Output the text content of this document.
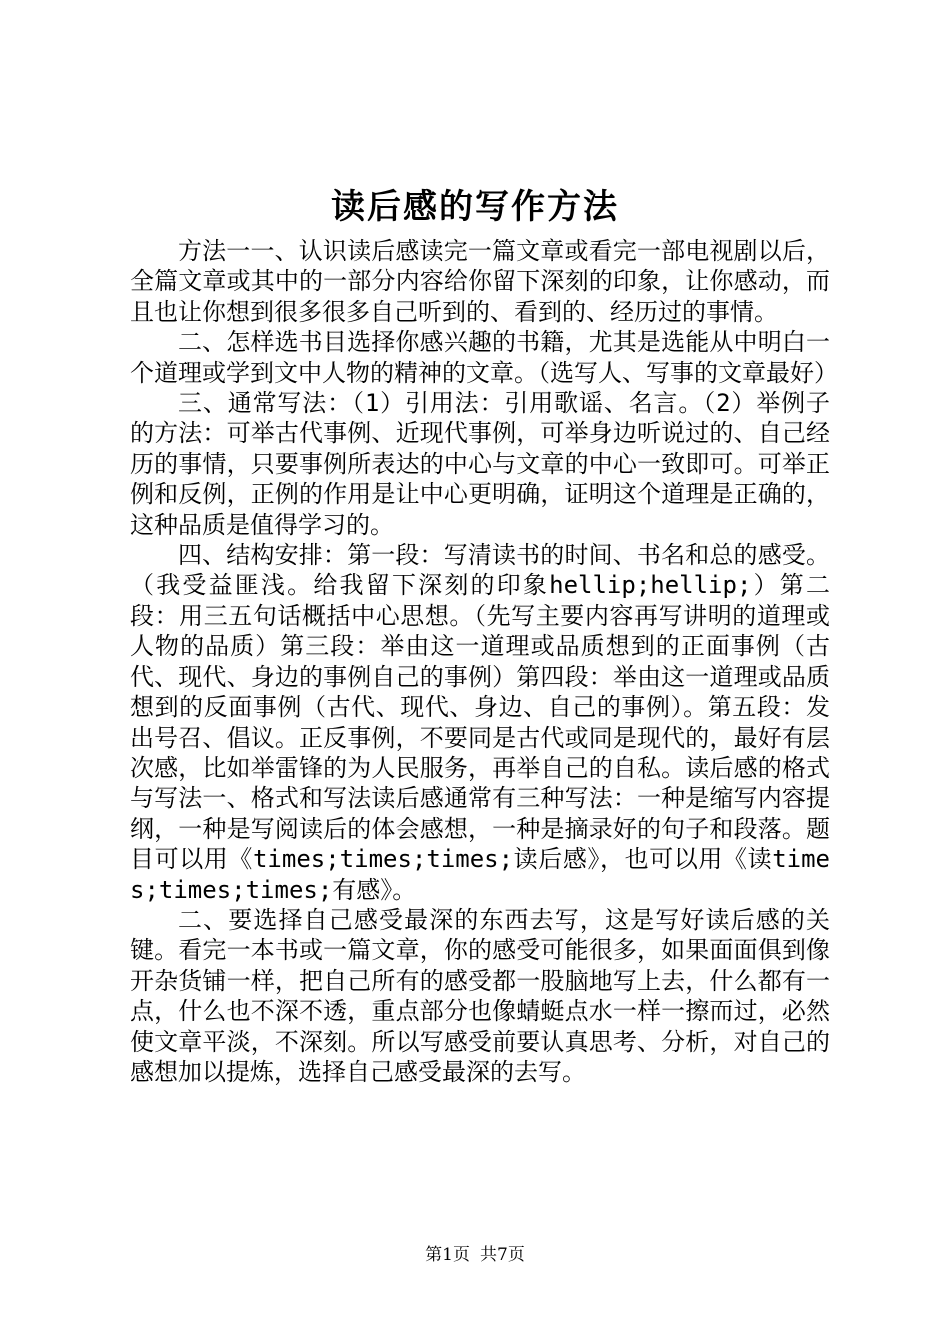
读后感的写作方法

方法一一、认识读后感读完一篇文章或看完一部电视剧以后，全篇文章或其中的一部分内容给你留下深刻的印象，让你感动，而且也让你想到很多很多自己听到的、看到的、经历过的事情。

二、怎样选书目选择你感兴趣的书籍，尤其是选能从中明白一个道理或学到文中人物的精神的文章。（选写人、写事的文章最好）

三、通常写法：（1）引用法：引用歌谣、名言。（2）举例子的方法：可举古代事例、近现代事例，可举身边听说过的、自己经历的事情，只要事例所表达的中心与文章的中心一致即可。可举正例和反例，正例的作用是让中心更明确，证明这个道理是正确的，这种品质是值得学习的。

四、结构安排：第一段：写清读书的时间、书名和总的感受。（我受益匪浅。给我留下深刻的印象hellip;hellip;）第二段：用三五句话概括中心思想。（先写主要内容再写讲明的道理或人物的品质）第三段：举由这一道理或品质想到的正面事例（古代、现代、身边的事例自己的事例）第四段：举由这一道理或品质想到的反面事例（古代、现代、身边、自己的事例）。第五段：发出号召、倡议。正反事例，不要同是古代或同是现代的，最好有层次感，比如举雷锋的为人民服务，再举自己的自私。读后感的格式与写法一、格式和写法读后感通常有三种写法：一种是缩写内容提纲，一种是写阅读后的体会感想，一种是摘录好的句子和段落。题目可以用《times;times;times;读后感》，也可以用《读times;times;times;有感》。

二、要选择自己感受最深的东西去写，这是写好读后感的关键。看完一本书或一篇文章，你的感受可能很多，如果面面俱到像开杂货铺一样，把自己所有的感受都一股脑地写上去，什么都有一点，什么也不深不透，重点部分也像蜻蜓点水一样一擦而过，必然使文章平淡，不深刻。所以写感受前要认真思考、分析，对自己的感想加以提炼，选择自己感受最深的去写。

第1页 共7页
